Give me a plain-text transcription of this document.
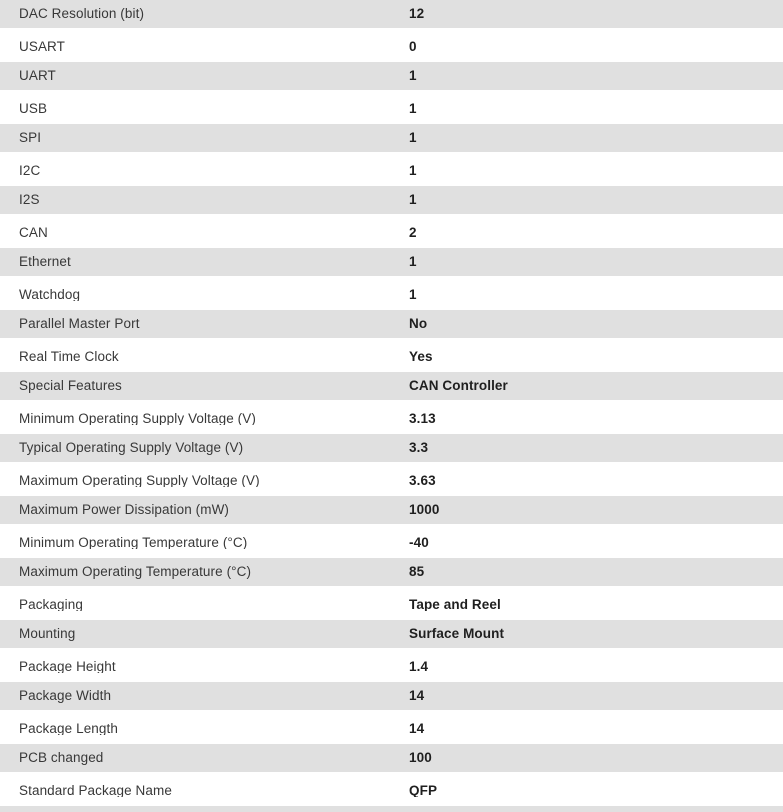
DAC Resolution (bit)	12
USART	0
UART	1
USB	1
SPI	1
I2C	1
I2S	1
CAN	2
Ethernet	1
Watchdog	1
Parallel Master Port	No
Real Time Clock	Yes
Special Features	CAN Controller
Minimum Operating Supply Voltage (V)	3.13
Typical Operating Supply Voltage (V)	3.3
Maximum Operating Supply Voltage (V)	3.63
Maximum Power Dissipation (mW)	1000
Minimum Operating Temperature (°C)	-40
Maximum Operating Temperature (°C)	85
Packaging	Tape and Reel
Mounting	Surface Mount
Package Height	1.4
Package Width	14
Package Length	14
PCB changed	100
Standard Package Name	QFP
